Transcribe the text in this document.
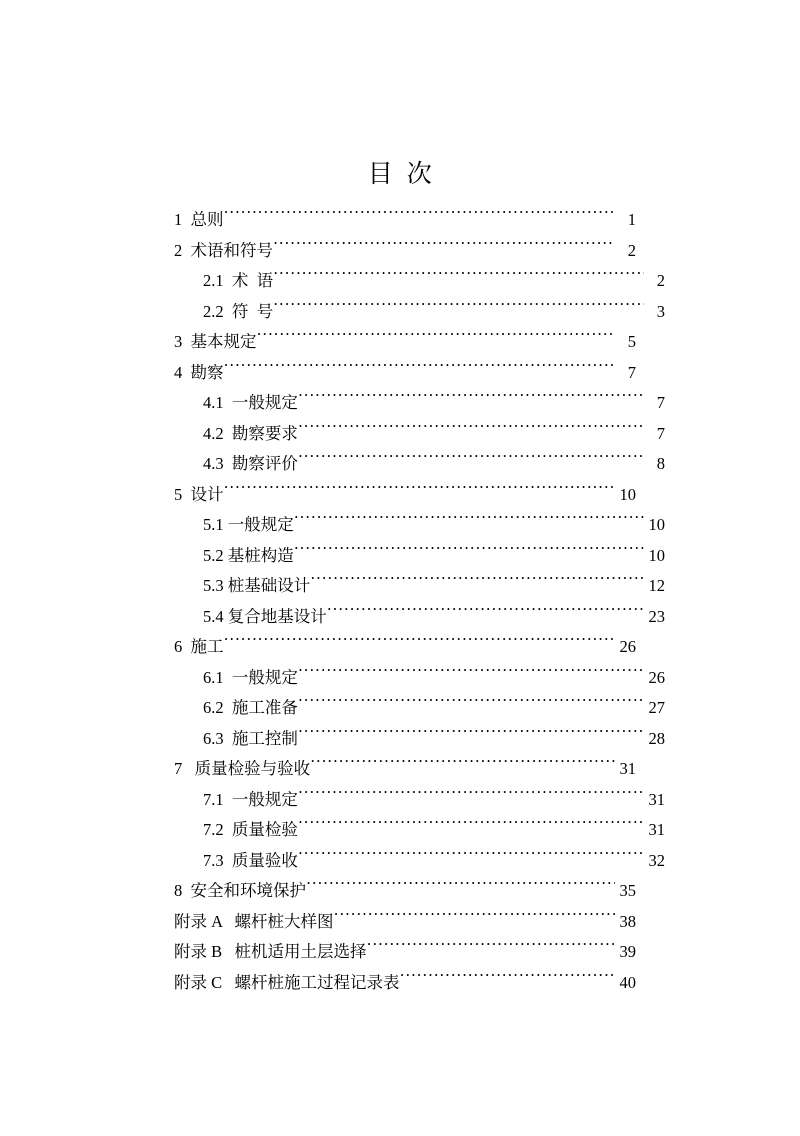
目  次
1  总则 .....	1
2  术语和符号 .....	2
2.1  术  语 .....	2
2.2  符  号 .....	3
3  基本规定 .....	5
4  勘察 .....	7
4.1  一般规定 .....	7
4.2  勘察要求 .....	7
4.3  勘察评价 .....	8
5  设计 .....	10
5.1 一般规定 .....	10
5.2 基桩构造 .....	10
5.3 桩基础设计 .....	12
5.4 复合地基设计 .....	23
6  施工 .....	26
6.1  一般规定 .....	26
6.2  施工准备 .....	27
6.3  施工控制 .....	28
7   质量检验与验收 .....	31
7.1  一般规定 .....	31
7.2  质量检验 .....	31
7.3  质量验收 .....	32
8  安全和环境保护 .....	35
附录 A   螺杆桩大样图 .....	38
附录 B   桩机适用土层选择 .....	39
附录 C   螺杆桩施工过程记录表 .....	40
